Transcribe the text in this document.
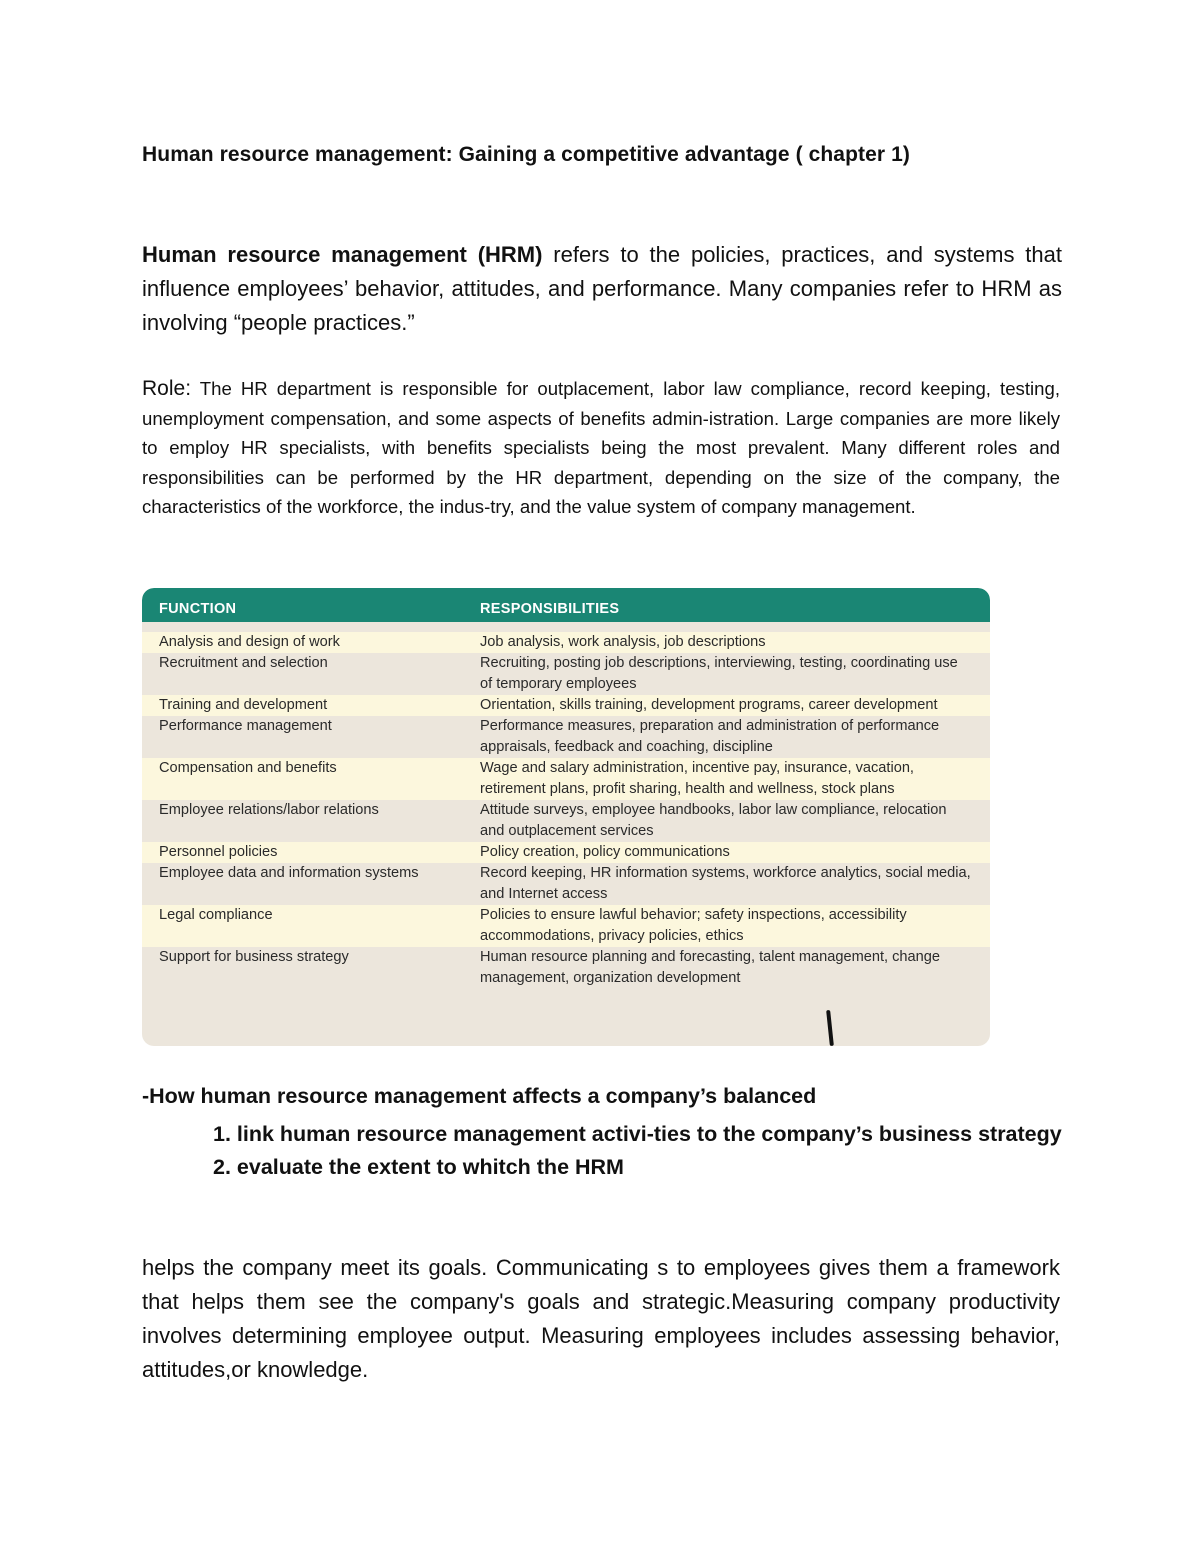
Human resource management: Gaining a competitive advantage ( chapter 1)
Human resource management (HRM) refers to the policies, practices, and systems that influence employees’ behavior, attitudes, and performance. Many companies refer to HRM as involving “people practices.”
Role: The HR department is responsible for outplacement, labor law compliance, record keeping, testing, unemployment compensation, and some aspects of benefits admin-istration. Large companies are more likely to employ HR specialists, with benefits specialists being the most prevalent. Many different roles and responsibilities can be performed by the HR department, depending on the size of the company, the characteristics of the workforce, the indus-try, and the value system of company management.
FUNCTION	RESPONSIBILITIES
Analysis and design of work	Job analysis, work analysis, job descriptions
Recruitment and selection	Recruiting, posting job descriptions, interviewing, testing, coordinating use of temporary employees
Training and development	Orientation, skills training, development programs, career development
Performance management	Performance measures, preparation and administration of performance appraisals, feedback and coaching, discipline
Compensation and benefits	Wage and salary administration, incentive pay, insurance, vacation, retirement plans, profit sharing, health and wellness, stock plans
Employee relations/labor relations	Attitude surveys, employee handbooks, labor law compliance, relocation and outplacement services
Personnel policies	Policy creation, policy communications
Employee data and information systems	Record keeping, HR information systems, workforce analytics, social media, and Internet access
Legal compliance	Policies to ensure lawful behavior; safety inspections, accessibility accommodations, privacy policies, ethics
Support for business strategy	Human resource planning and forecasting, talent management, change management, organization development
-How human resource management affects a company’s balanced
1. link human resource management activi-ties to the company’s business strategy
2. evaluate the extent to whitch the HRM
helps the company meet its goals. Communicating s to employees gives them a framework that helps them see the company's goals and strategic.Measuring company productivity involves determining employee output. Measuring employees includes assessing behavior, attitudes,or knowledge.
